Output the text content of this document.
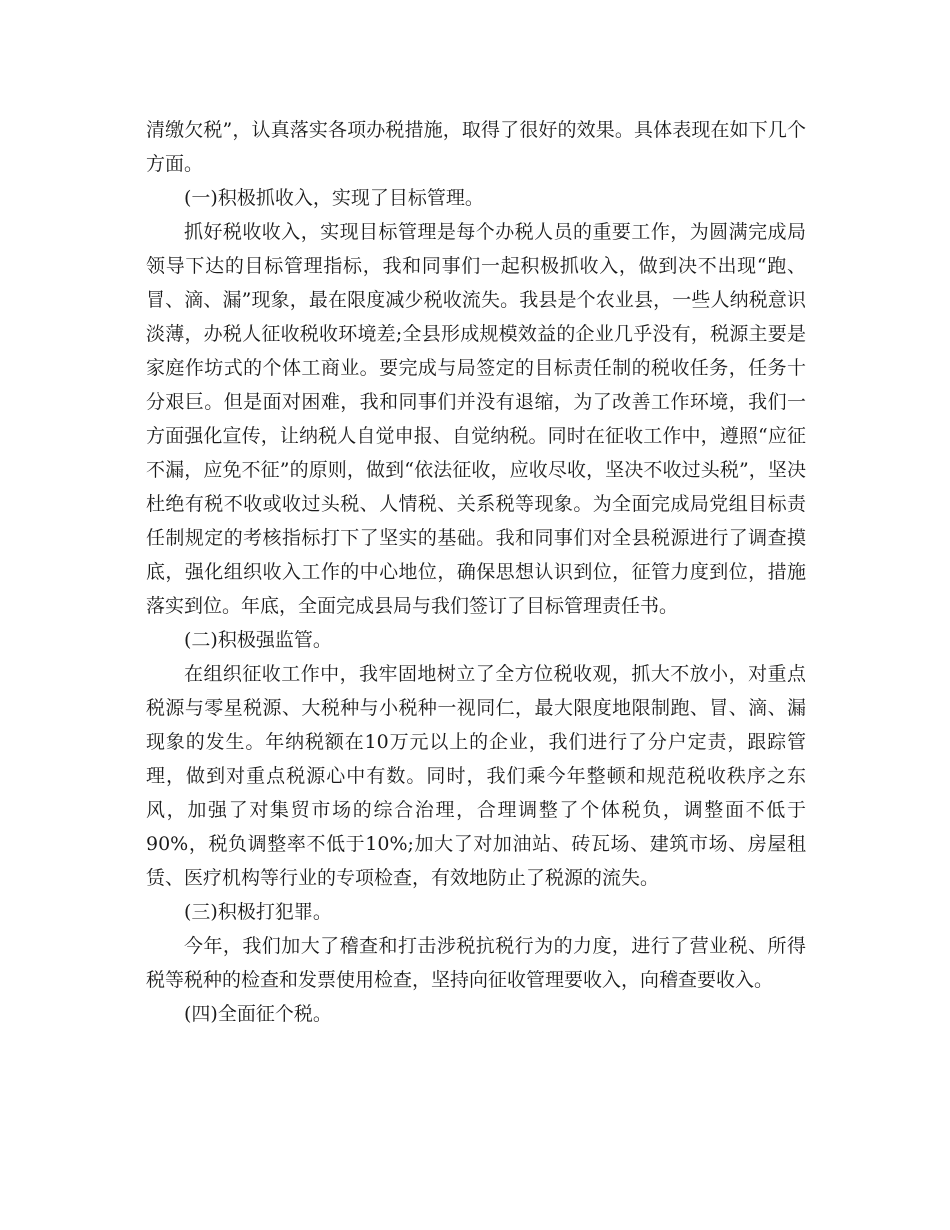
清缴欠税”，认真落实各项办税措施，取得了很好的效果。具体表现在如下几个方面。

(一)积极抓收入，实现了目标管理。

抓好税收收入，实现目标管理是每个办税人员的重要工作，为圆满完成局领导下达的目标管理指标，我和同事们一起积极抓收入，做到决不出现“跑、冒、滴、漏”现象，最在限度减少税收流失。我县是个农业县，一些人纳税意识淡薄，办税人征收税收环境差;全县形成规模效益的企业几乎没有，税源主要是家庭作坊式的个体工商业。要完成与局签定的目标责任制的税收任务，任务十分艰巨。但是面对困难，我和同事们并没有退缩，为了改善工作环境，我们一方面强化宣传，让纳税人自觉申报、自觉纳税。同时在征收工作中，遵照“应征不漏，应免不征”的原则，做到“依法征收，应收尽收，坚决不收过头税”，坚决杜绝有税不收或收过头税、人情税、关系税等现象。为全面完成局党组目标责任制规定的考核指标打下了坚实的基础。我和同事们对全县税源进行了调查摸底，强化组织收入工作的中心地位，确保思想认识到位，征管力度到位，措施落实到位。年底，全面完成县局与我们签订了目标管理责任书。

(二)积极强监管。

在组织征收工作中，我牢固地树立了全方位税收观，抓大不放小，对重点税源与零星税源、大税种与小税种一视同仁，最大限度地限制跑、冒、滴、漏现象的发生。年纳税额在10万元以上的企业，我们进行了分户定责，跟踪管理，做到对重点税源心中有数。同时，我们乘今年整顿和规范税收秩序之东风，加强了对集贸市场的综合治理，合理调整了个体税负，调整面不低于90%，税负调整率不低于10%;加大了对加油站、砖瓦场、建筑市场、房屋租赁、医疗机构等行业的专项检查，有效地防止了税源的流失。

(三)积极打犯罪。

今年，我们加大了稽查和打击涉税抗税行为的力度，进行了营业税、所得税等税种的检查和发票使用检查，坚持向征收管理要收入，向稽查要收入。

(四)全面征个税。
